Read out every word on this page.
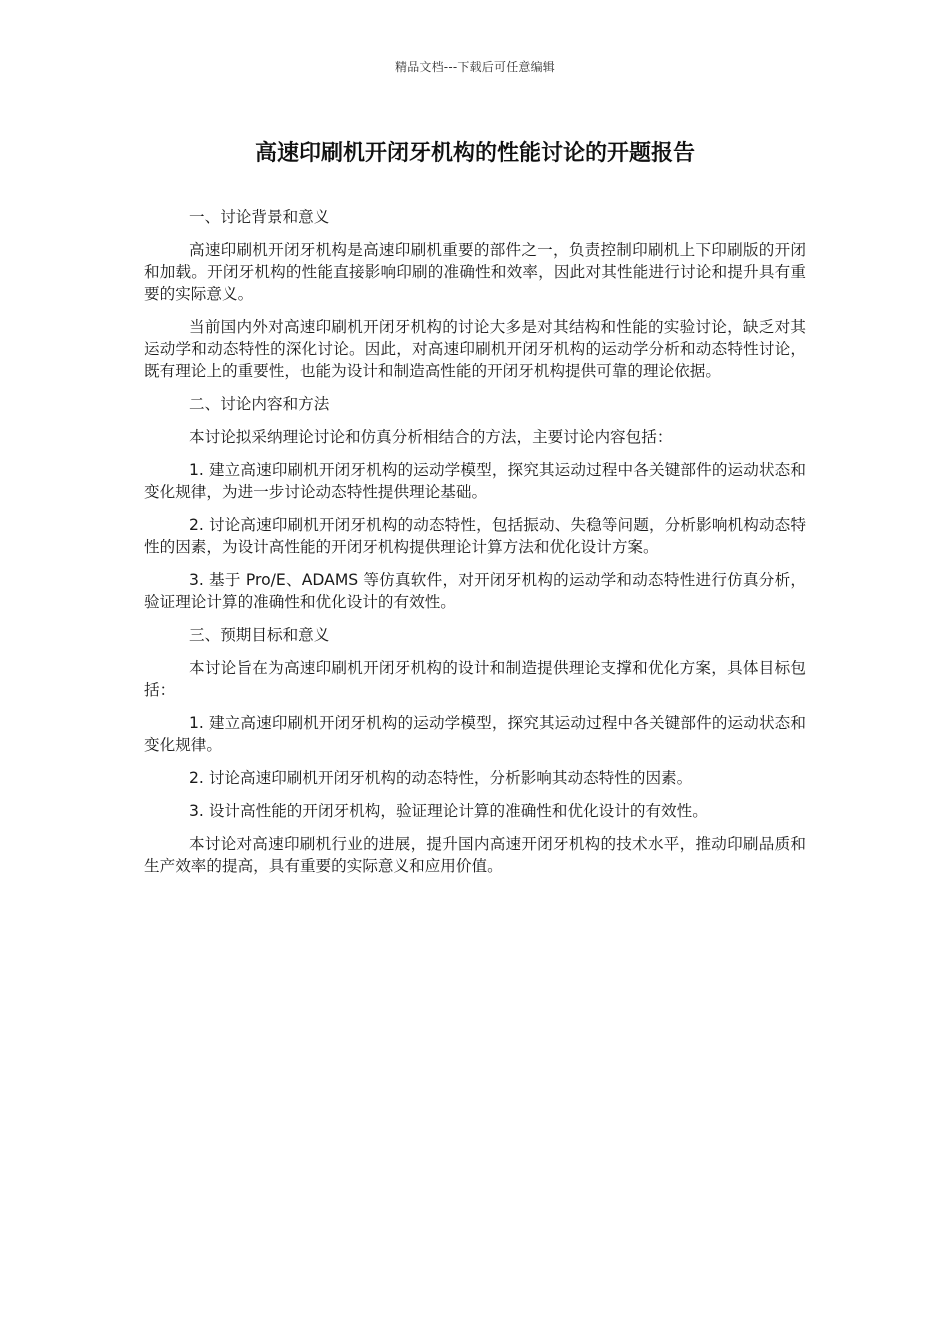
精品文档---下载后可任意编辑
高速印刷机开闭牙机构的性能讨论的开题报告

一、讨论背景和意义

高速印刷机开闭牙机构是高速印刷机重要的部件之一，负责控制印刷机上下印刷版的开闭和加载。开闭牙机构的性能直接影响印刷的准确性和效率，因此对其性能进行讨论和提升具有重要的实际意义。

当前国内外对高速印刷机开闭牙机构的讨论大多是对其结构和性能的实验讨论，缺乏对其运动学和动态特性的深化讨论。因此，对高速印刷机开闭牙机构的运动学分析和动态特性讨论，既有理论上的重要性，也能为设计和制造高性能的开闭牙机构提供可靠的理论依据。

二、讨论内容和方法

本讨论拟采纳理论讨论和仿真分析相结合的方法，主要讨论内容包括：

1. 建立高速印刷机开闭牙机构的运动学模型，探究其运动过程中各关键部件的运动状态和变化规律，为进一步讨论动态特性提供理论基础。

2. 讨论高速印刷机开闭牙机构的动态特性，包括振动、失稳等问题，分析影响机构动态特性的因素，为设计高性能的开闭牙机构提供理论计算方法和优化设计方案。

3. 基于 Pro/E、ADAMS 等仿真软件，对开闭牙机构的运动学和动态特性进行仿真分析，验证理论计算的准确性和优化设计的有效性。

三、预期目标和意义

本讨论旨在为高速印刷机开闭牙机构的设计和制造提供理论支撑和优化方案，具体目标包括：

1. 建立高速印刷机开闭牙机构的运动学模型，探究其运动过程中各关键部件的运动状态和变化规律。

2. 讨论高速印刷机开闭牙机构的动态特性，分析影响其动态特性的因素。

3. 设计高性能的开闭牙机构，验证理论计算的准确性和优化设计的有效性。

本讨论对高速印刷机行业的进展，提升国内高速开闭牙机构的技术水平，推动印刷品质和生产效率的提高，具有重要的实际意义和应用价值。
